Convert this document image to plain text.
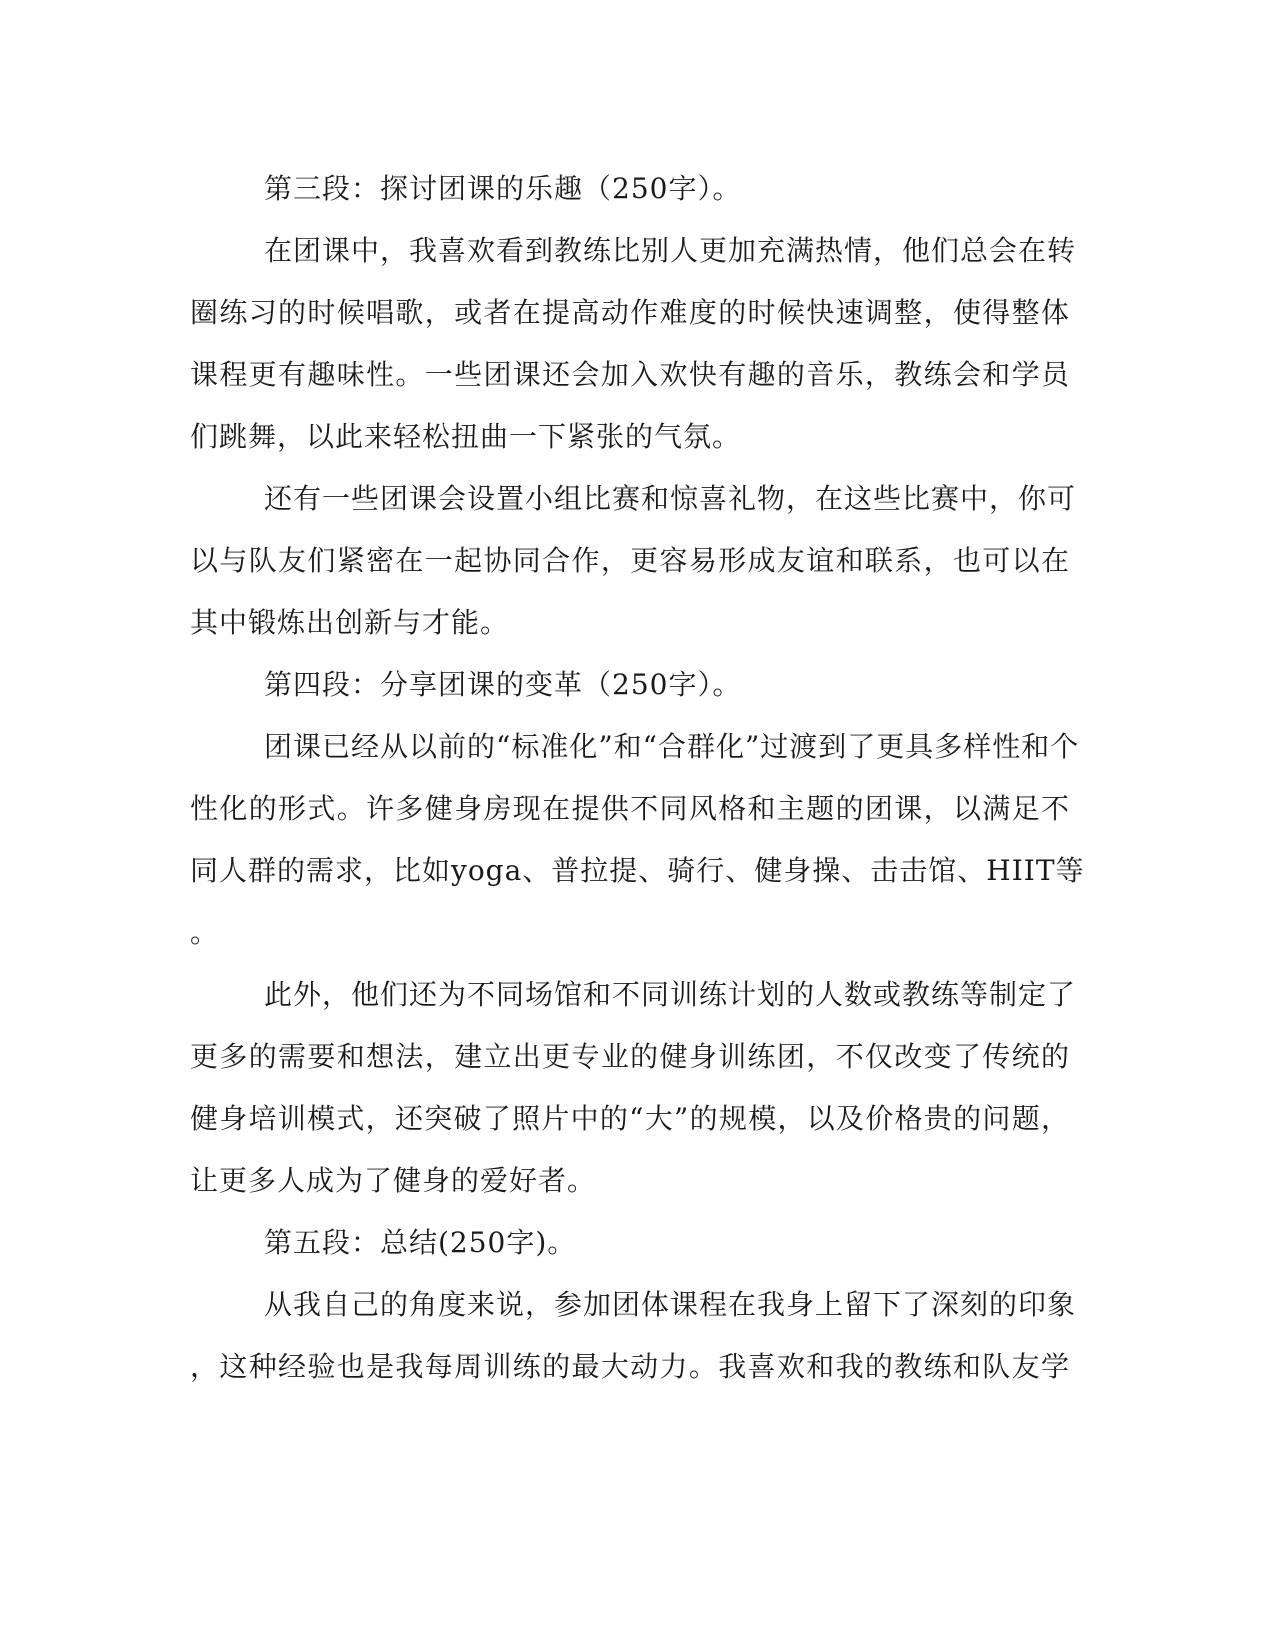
第三段：探讨团课的乐趣（250字）。
在团课中，我喜欢看到教练比别人更加充满热情，他们总会在转
圈练习的时候唱歌，或者在提高动作难度的时候快速调整，使得整体
课程更有趣味性。一些团课还会加入欢快有趣的音乐，教练会和学员
们跳舞，以此来轻松扭曲一下紧张的气氛。
还有一些团课会设置小组比赛和惊喜礼物，在这些比赛中，你可
以与队友们紧密在一起协同合作，更容易形成友谊和联系，也可以在
其中锻炼出创新与才能。
第四段：分享团课的变革（250字）。
团课已经从以前的“标准化”和“合群化”过渡到了更具多样性和个
性化的形式。许多健身房现在提供不同风格和主题的团课，以满足不
同人群的需求，比如yoga、普拉提、骑行、健身操、击击馆、HIIT等
。
此外，他们还为不同场馆和不同训练计划的人数或教练等制定了
更多的需要和想法，建立出更专业的健身训练团，不仅改变了传统的
健身培训模式，还突破了照片中的“大”的规模，以及价格贵的问题，
让更多人成为了健身的爱好者。
第五段：总结(250字)。
从我自己的角度来说，参加团体课程在我身上留下了深刻的印象
，这种经验也是我每周训练的最大动力。我喜欢和我的教练和队友学
